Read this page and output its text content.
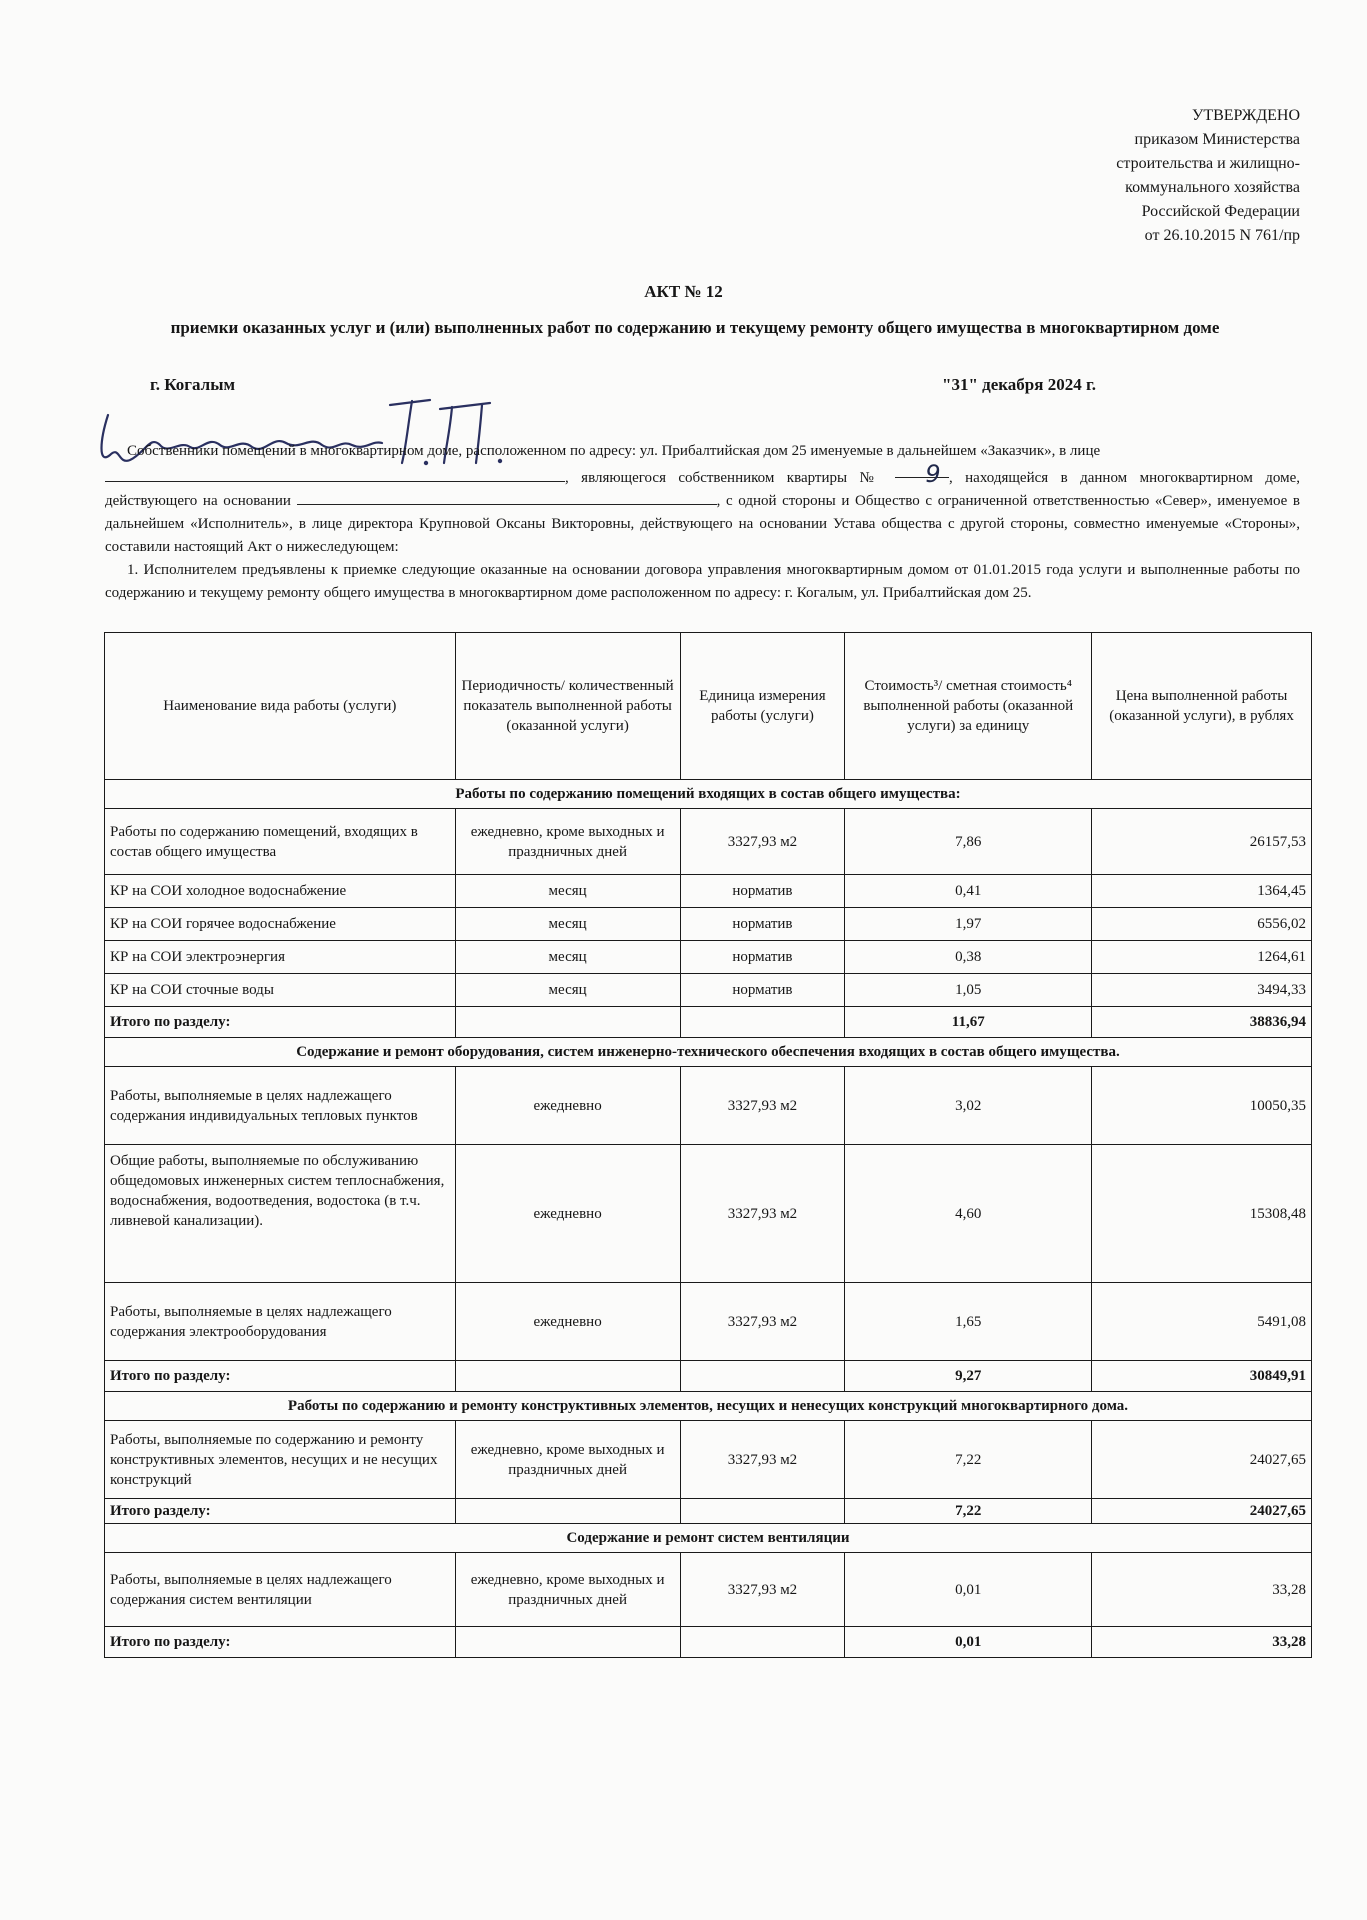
УТВЕРЖДЕНО
приказом Министерства
строительства и жилищно-
коммунального хозяйства
Российской Федерации
от 26.10.2015 N 761/пр
АКТ № 12
приемки оказанных услуг и (или) выполненных работ по содержанию и текущему ремонту общего имущества в многоквартирном доме
г. Когалым	"31" декабря 2024 г.

Собственники помещений в многоквартирном доме, расположенном по адресу: ул. Прибалтийская дом 25 именуемые в дальнейшем «Заказчик», в лице
, являющегося собственником квартиры № 9 , находящейся в данном многоквартирном доме, действующего на основании	, с одной стороны и Общество с ограниченной ответственностью «Север», именуемое в дальнейшем «Исполнитель», в лице директора Крупновой Оксаны Викторовны, действующего на основании Устава общества с другой стороны, совместно именуемые «Стороны», составили настоящий Акт о нижеследующем:

1. Исполнителем предъявлены к приемке следующие оказанные на основании договора управления многоквартирным домом от 01.01.2015 года услуги и выполненные работы по содержанию и текущему ремонту общего имущества в многоквартирном доме расположенном по адресу: г. Когалым, ул. Прибалтийская дом 25.

Наименование вида работы (услуги)	Периодичность/ количественный показатель выполненной работы (оказанной услуги)	Единица измерения работы (услуги)	Стоимость³/ сметная стоимость⁴ выполненной работы (оказанной услуги) за единицу	Цена выполненной работы (оказанной услуги), в рублях
Работы по содержанию помещений входящих в состав общего имущества:				
Работы по содержанию помещений, входящих в состав общего имущества	ежедневно, кроме выходных и праздничных дней	3327,93 м2	7,86	26157,53
КР на СОИ холодное водоснабжение	месяц	норматив	0,41	1364,45
КР на СОИ горячее водоснабжение	месяц	норматив	1,97	6556,02
КР на СОИ электроэнергия	месяц	норматив	0,38	1264,61
КР на СОИ сточные воды	месяц	норматив	1,05	3494,33
Итого по разделу:			11,67	38836,94
Содержание и ремонт оборудования, систем инженерно-технического обеспечения входящих в состав общего имущества.				
Работы, выполняемые в целях надлежащего содержания индивидуальных тепловых пунктов	ежедневно	3327,93 м2	3,02	10050,35
Общие работы, выполняемые по обслуживанию общедомовых инженерных систем теплоснабжения, водоснабжения, водоотведения, водостока (в т.ч. ливневой канализации).	ежедневно	3327,93 м2	4,60	15308,48
Работы, выполняемые в целях надлежащего содержания электрооборудования	ежедневно	3327,93 м2	1,65	5491,08
Итого по разделу:			9,27	30849,91
Работы по содержанию и ремонту конструктивных элементов, несущих и ненесущих конструкций многоквартирного дома.				
Работы, выполняемые по содержанию и ремонту конструктивных элементов, несущих и не несущих конструкций	ежедневно, кроме выходных и праздничных дней	3327,93 м2	7,22	24027,65
Итого разделу:			7,22	24027,65
Содержание и ремонт систем вентиляции				
Работы, выполняемые в целях надлежащего содержания систем вентиляции	ежедневно, кроме выходных и праздничных дней	3327,93 м2	0,01	33,28
Итого по разделу:			0,01	33,28
